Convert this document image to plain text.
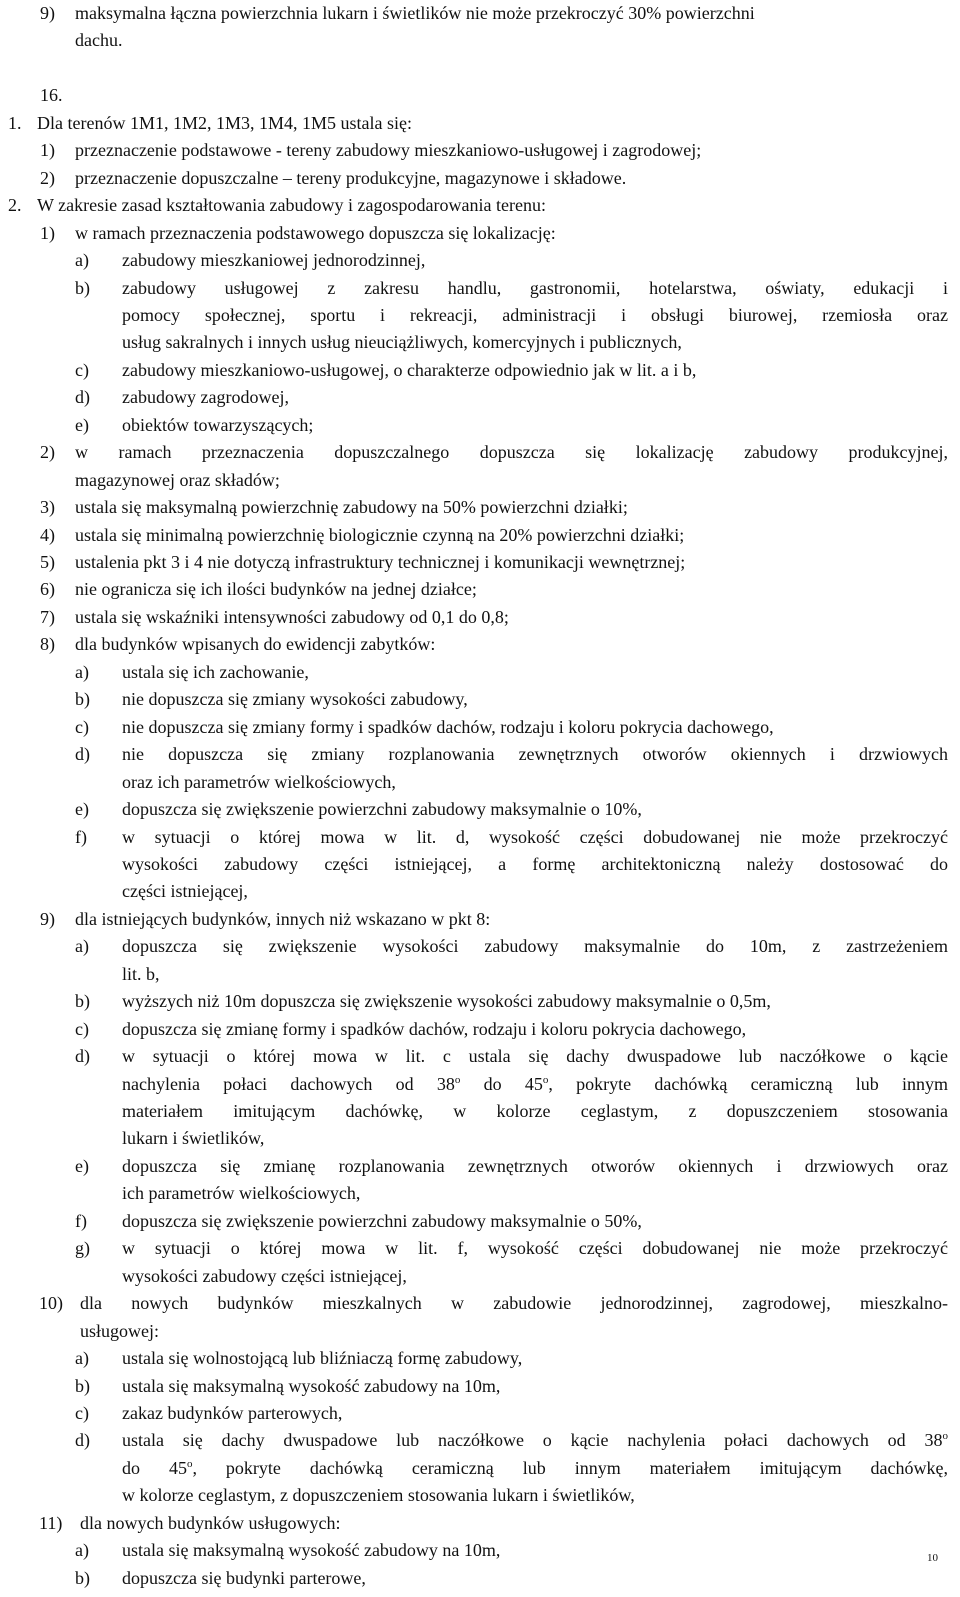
9) maksymalna łączna powierzchnia lukarn i świetlików nie może przekroczyć 30% powierzchni
dachu.
16.
1. Dla terenów 1M1, 1M2, 1M3, 1M4, 1M5 ustala się:
1) przeznaczenie podstawowe - tereny zabudowy mieszkaniowo-usługowej i zagrodowej;
2) przeznaczenie dopuszczalne – tereny produkcyjne, magazynowe i składowe.
2. W zakresie zasad kształtowania zabudowy i zagospodarowania terenu:
1) w ramach przeznaczenia podstawowego dopuszcza się lokalizację:
a) zabudowy mieszkaniowej jednorodzinnej,
b) zabudowy usługowej z zakresu handlu, gastronomii, hotelarstwa, oświaty, edukacji i
pomocy społecznej, sportu i rekreacji, administracji i obsługi biurowej, rzemiosła oraz
usług sakralnych i innych usług nieuciążliwych, komercyjnych i publicznych,
c) zabudowy mieszkaniowo-usługowej, o charakterze odpowiednio jak w lit. a i b,
d) zabudowy zagrodowej,
e) obiektów towarzyszących;
2) w ramach przeznaczenia dopuszczalnego dopuszcza się lokalizację zabudowy produkcyjnej,
magazynowej oraz składów;
3) ustala się maksymalną powierzchnię zabudowy na 50% powierzchni działki;
4) ustala się minimalną powierzchnię biologicznie czynną na 20% powierzchni działki;
5) ustalenia pkt 3 i 4 nie dotyczą infrastruktury technicznej i komunikacji wewnętrznej;
6) nie ogranicza się ich ilości budynków na jednej działce;
7) ustala się wskaźniki intensywności zabudowy od 0,1 do 0,8;
8) dla budynków wpisanych do ewidencji zabytków:
a) ustala się ich zachowanie,
b) nie dopuszcza się zmiany wysokości zabudowy,
c) nie dopuszcza się zmiany formy i spadków dachów, rodzaju i koloru pokrycia dachowego,
d) nie dopuszcza się zmiany rozplanowania zewnętrznych otworów okiennych i drzwiowych
oraz ich parametrów wielkościowych,
e) dopuszcza się zwiększenie powierzchni zabudowy maksymalnie o 10%,
f) w sytuacji o której mowa w lit. d, wysokość części dobudowanej nie może przekroczyć
wysokości zabudowy części istniejącej, a formę architektoniczną należy dostosować do
części istniejącej,
9) dla istniejących budynków, innych niż wskazano w pkt 8:
a) dopuszcza się zwiększenie wysokości zabudowy maksymalnie do 10m, z zastrzeżeniem
lit. b,
b) wyższych niż 10m dopuszcza się zwiększenie wysokości zabudowy maksymalnie o 0,5m,
c) dopuszcza się zmianę formy i spadków dachów, rodzaju i koloru pokrycia dachowego,
d) w sytuacji o której mowa w lit. c ustala się dachy dwuspadowe lub naczółkowe o kącie
nachylenia połaci dachowych od 38$^o$ do 45$^o$, pokryte dachówką ceramiczną lub innym
materiałem imitującym dachówkę, w kolorze ceglastym, z dopuszczeniem stosowania
lukarn i świetlików,
e) dopuszcza się zmianę rozplanowania zewnętrznych otworów okiennych i drzwiowych oraz
ich parametrów wielkościowych,
f) dopuszcza się zwiększenie powierzchni zabudowy maksymalnie o 50%,
g) w sytuacji o której mowa w lit. f, wysokość części dobudowanej nie może przekroczyć
wysokości zabudowy części istniejącej,
10) dla nowych budynków mieszkalnych w zabudowie jednorodzinnej, zagrodowej, mieszkalno-
usługowej:
a) ustala się wolnostojącą lub bliźniaczą formę zabudowy,
b) ustala się maksymalną wysokość zabudowy na 10m,
c) zakaz budynków parterowych,
d) ustala się dachy dwuspadowe lub naczółkowe o kącie nachylenia połaci dachowych od 38$^o$
do 45$^o$, pokryte dachówką ceramiczną lub innym materiałem imitującym dachówkę,
w kolorze ceglastym, z dopuszczeniem stosowania lukarn i świetlików,
11) dla nowych budynków usługowych:
a) ustala się maksymalną wysokość zabudowy na 10m,
b) dopuszcza się budynki parterowe,
10
